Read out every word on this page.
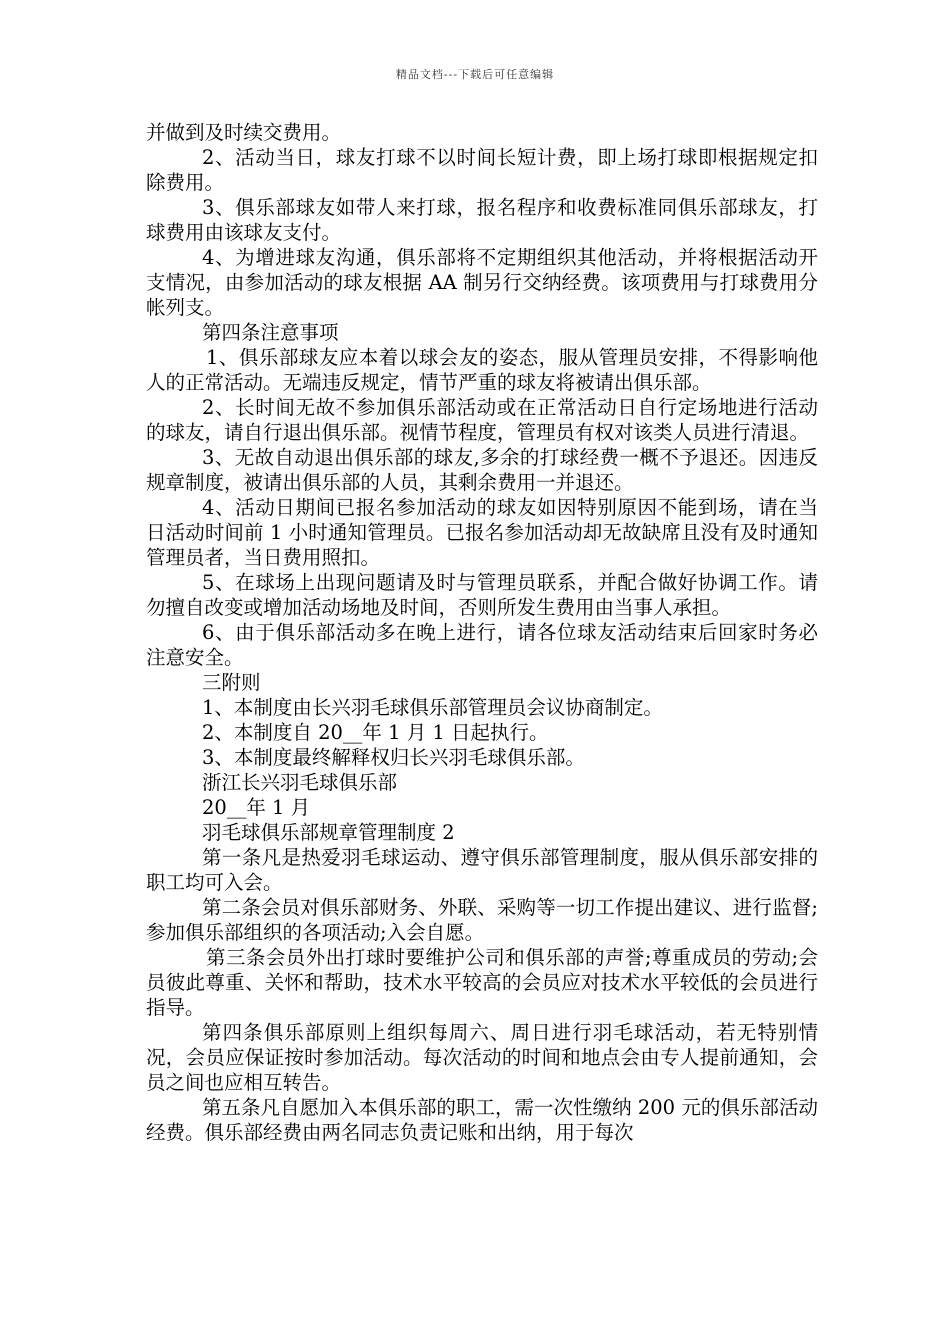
精品文档---下载后可任意编辑

并做到及时续交费用。

2、活动当日，球友打球不以时间长短计费，即上场打球即根据规定扣除费用。

3、俱乐部球友如带人来打球，报名程序和收费标准同俱乐部球友，打球费用由该球友支付。

4、为增进球友沟通，俱乐部将不定期组织其他活动，并将根据活动开支情况，由参加活动的球友根据 AA 制另行交纳经费。该项费用与打球费用分帐列支。

第四条注意事项

1、俱乐部球友应本着以球会友的姿态，服从管理员安排，不得影响他人的正常活动。无端违反规定，情节严重的球友将被请出俱乐部。

2、长时间无故不参加俱乐部活动或在正常活动日自行定场地进行活动的球友，请自行退出俱乐部。视情节程度，管理员有权对该类人员进行清退。

3、无故自动退出俱乐部的球友,多余的打球经费一概不予退还。因违反规章制度，被请出俱乐部的人员，其剩余费用一并退还。

4、活动日期间已报名参加活动的球友如因特别原因不能到场，请在当日活动时间前 1 小时通知管理员。已报名参加活动却无故缺席且没有及时通知管理员者，当日费用照扣。

5、在球场上出现问题请及时与管理员联系，并配合做好协调工作。请勿擅自改变或增加活动场地及时间，否则所发生费用由当事人承担。

6、由于俱乐部活动多在晚上进行，请各位球友活动结束后回家时务必注意安全。

三附则

1、本制度由长兴羽毛球俱乐部管理员会议协商制定。

2、本制度自 20__年 1 月 1 日起执行。

3、本制度最终解释权归长兴羽毛球俱乐部。

浙江长兴羽毛球俱乐部

20__年 1 月

羽毛球俱乐部规章管理制度 2

第一条凡是热爱羽毛球运动、遵守俱乐部管理制度，服从俱乐部安排的职工均可入会。

第二条会员对俱乐部财务、外联、采购等一切工作提出建议、进行监督;参加俱乐部组织的各项活动;入会自愿。

第三条会员外出打球时要维护公司和俱乐部的声誉;尊重成员的劳动;会员彼此尊重、关怀和帮助，技术水平较高的会员应对技术水平较低的会员进行指导。

第四条俱乐部原则上组织每周六、周日进行羽毛球活动，若无特别情况，会员应保证按时参加活动。每次活动的时间和地点会由专人提前通知，会员之间也应相互转告。

第五条凡自愿加入本俱乐部的职工，需一次性缴纳 200 元的俱乐部活动经费。俱乐部经费由两名同志负责记账和出纳，用于每次
